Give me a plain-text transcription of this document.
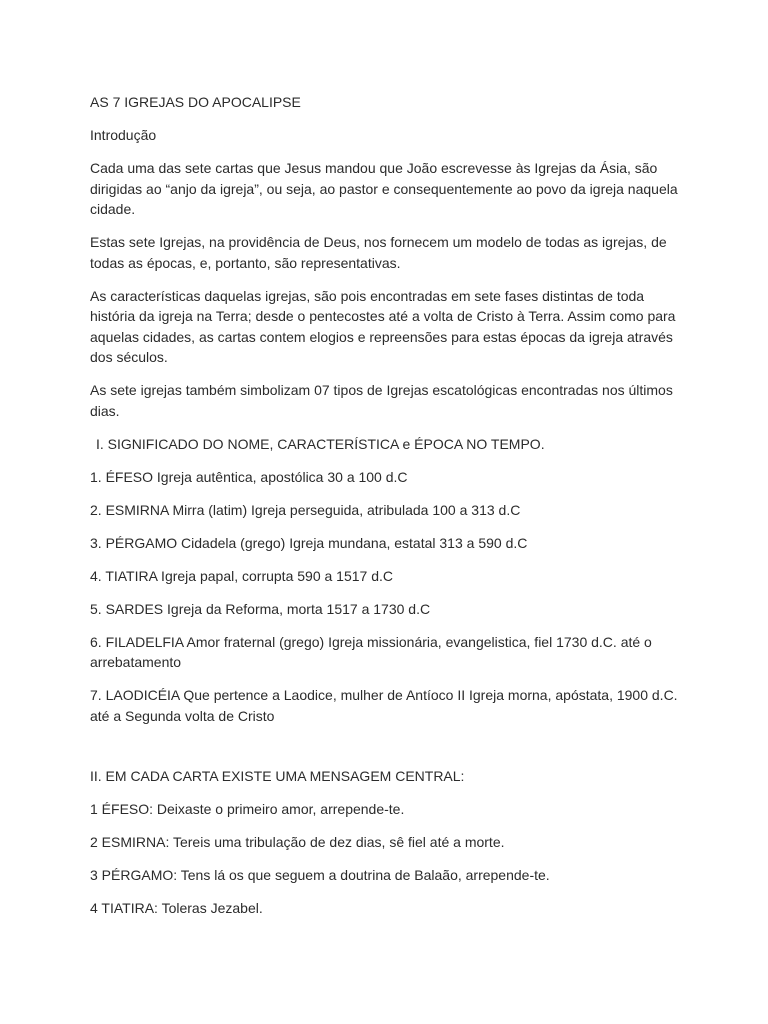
AS 7 IGREJAS DO APOCALIPSE

Introdução

Cada uma das sete cartas que Jesus mandou que João escrevesse às Igrejas da Ásia, são dirigidas ao “anjo da igreja”, ou seja, ao pastor e consequentemente ao povo da igreja naquela cidade.

Estas sete Igrejas, na providência de Deus, nos fornecem um modelo de todas as igrejas, de todas as épocas, e, portanto, são representativas.

As características daquelas igrejas, são pois encontradas em sete fases distintas de toda história da igreja na Terra; desde o pentecostes até a volta de Cristo à Terra. Assim como para aquelas cidades, as cartas contem elogios e repreensões para estas épocas da igreja através dos séculos.

As sete igrejas também simbolizam 07 tipos de Igrejas escatológicas encontradas nos últimos dias.

I. SIGNIFICADO DO NOME, CARACTERÍSTICA e ÉPOCA NO TEMPO.

1. ÉFESO Igreja autêntica, apostólica 30 a 100 d.C

2. ESMIRNA Mirra (latim) Igreja perseguida, atribulada 100 a 313 d.C

3. PÉRGAMO Cidadela (grego) Igreja mundana, estatal 313 a 590 d.C

4. TIATIRA Igreja papal, corrupta 590 a 1517 d.C

5. SARDES Igreja da Reforma, morta 1517 a 1730 d.C

6. FILADELFIA Amor fraternal (grego) Igreja missionária, evangelistica, fiel 1730 d.C. até o arrebatamento

7. LAODICÉIA Que pertence a Laodice, mulher de Antíoco II Igreja morna, apóstata, 1900 d.C. até a Segunda volta de Cristo

II. EM CADA CARTA EXISTE UMA MENSAGEM CENTRAL:

1 ÉFESO: Deixaste o primeiro amor, arrepende-te.

2 ESMIRNA: Tereis uma tribulação de dez dias, sê fiel até a morte.

3 PÉRGAMO: Tens lá os que seguem a doutrina de Balaão, arrepende-te.

4 TIATIRA: Toleras Jezabel.
